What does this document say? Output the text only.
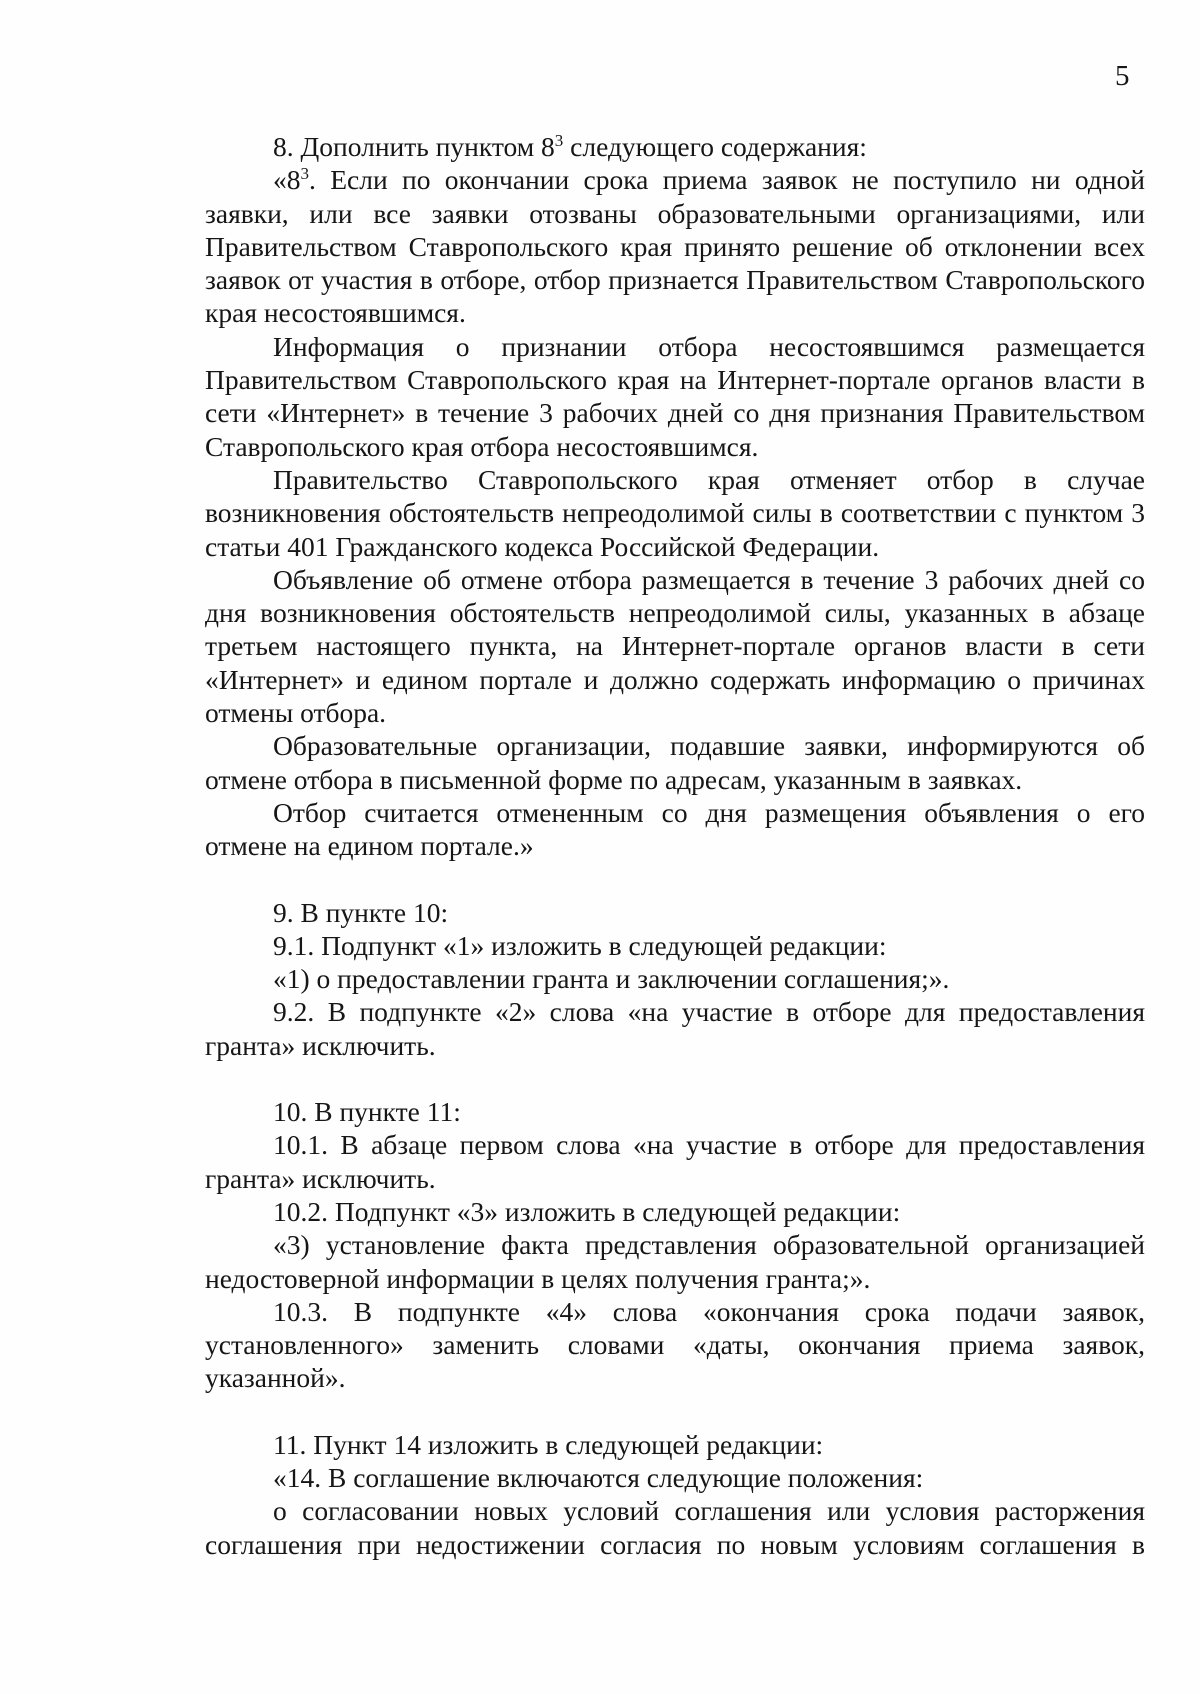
5

8. Дополнить пунктом $8^3$ следующего содержания:

«$8^3$. Если по окончании срока приема заявок не поступило ни одной заявки, или все заявки отозваны образовательными организациями, или Правительством Ставропольского края принято решение об отклонении всех заявок от участия в отборе, отбор признается Правительством Ставропольского края несостоявшимся.

Информация о признании отбора несостоявшимся размещается Правительством Ставропольского края на Интернет-портале органов власти в сети «Интернет» в течение 3 рабочих дней со дня признания Правительством Ставропольского края отбора несостоявшимся.

Правительство Ставропольского края отменяет отбор в случае возникновения обстоятельств непреодолимой силы в соответствии с пунктом 3 статьи 401 Гражданского кодекса Российской Федерации.

Объявление об отмене отбора размещается в течение 3 рабочих дней со дня возникновения обстоятельств непреодолимой силы, указанных в абзаце третьем настоящего пункта, на Интернет-портале органов власти в сети «Интернет» и едином портале и должно содержать информацию о причинах отмены отбора.

Образовательные организации, подавшие заявки, информируются об отмене отбора в письменной форме по адресам, указанным в заявках.

Отбор считается отмененным со дня размещения объявления о его отмене на едином портале.»

9. В пункте 10:

9.1. Подпункт «1» изложить в следующей редакции:

«1) о предоставлении гранта и заключении соглашения;».

9.2. В подпункте «2» слова «на участие в отборе для предоставления гранта» исключить.

10. В пункте 11:

10.1. В абзаце первом слова «на участие в отборе для предоставления гранта» исключить.

10.2. Подпункт «3» изложить в следующей редакции:

«3) установление факта представления образовательной организацией недостоверной информации в целях получения гранта;».

10.3. В подпункте «4» слова «окончания срока подачи заявок, установленного» заменить словами «даты, окончания приема заявок, указанной».

11. Пункт 14 изложить в следующей редакции:

«14. В соглашение включаются следующие положения:

о согласовании новых условий соглашения или условия расторжения соглашения при недостижении согласия по новым условиям соглашения в
